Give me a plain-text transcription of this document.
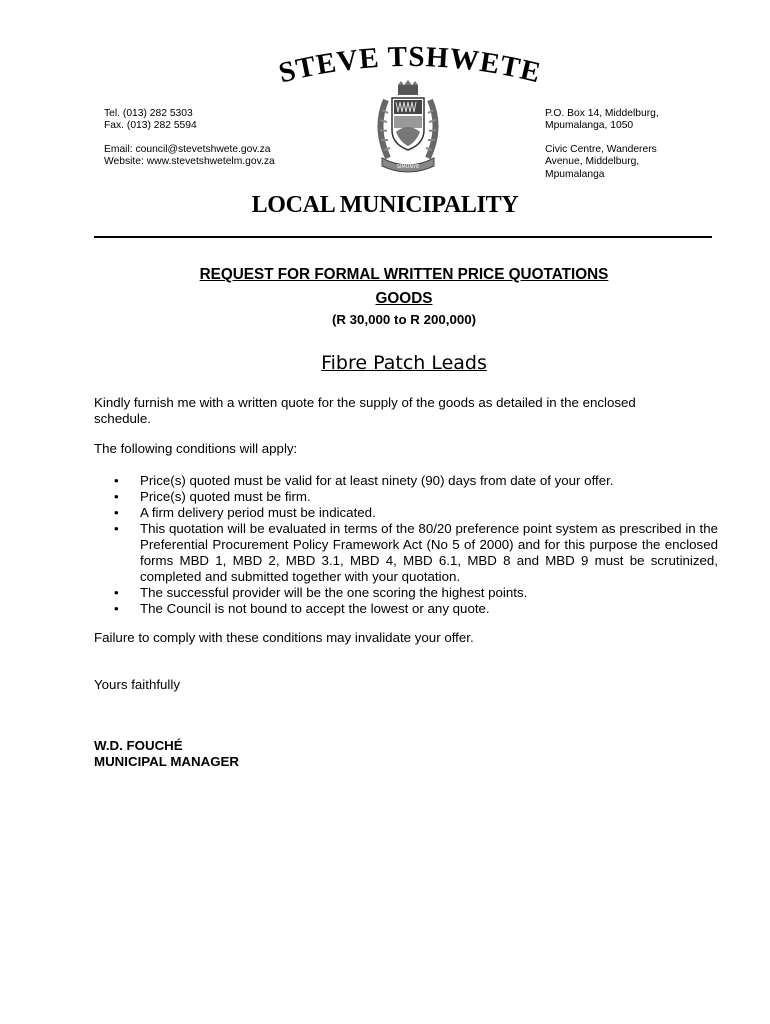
STEVE TSHWETE
Tel. (013) 282 5303
Fax. (013) 282 5594
Email: council@stevetshwete.gov.za
Website: www.stevetshwetelm.gov.za	SIMUNYE
P.O. Box 14, Middelburg,
Mpumalanga, 1050
Civic Centre, Wanderers
Avenue, Middelburg,
Mpumalanga
LOCAL MUNICIPALITY
REQUEST FOR FORMAL WRITTEN PRICE QUOTATIONS
GOODS
(R 30,000 to R 200,000)
Fibre Patch Leads
Kindly furnish me with a written quote for the supply of the goods as detailed in the enclosed schedule.
The following conditions will apply:
• Price(s) quoted must be valid for at least ninety (90) days from date of your offer.
• Price(s) quoted must be firm.
• A firm delivery period must be indicated.
• This quotation will be evaluated in terms of the 80/20 preference point system as prescribed in the Preferential Procurement Policy Framework Act (No 5 of 2000) and for this purpose the enclosed forms MBD 1, MBD 2, MBD 3.1, MBD 4, MBD 6.1, MBD 8 and MBD 9 must be scrutinized, completed and submitted together with your quotation.
• The successful provider will be the one scoring the highest points.
• The Council is not bound to accept the lowest or any quote.
Failure to comply with these conditions may invalidate your offer.
Yours faithfully
W.D. FOUCHÉ
MUNICIPAL MANAGER
